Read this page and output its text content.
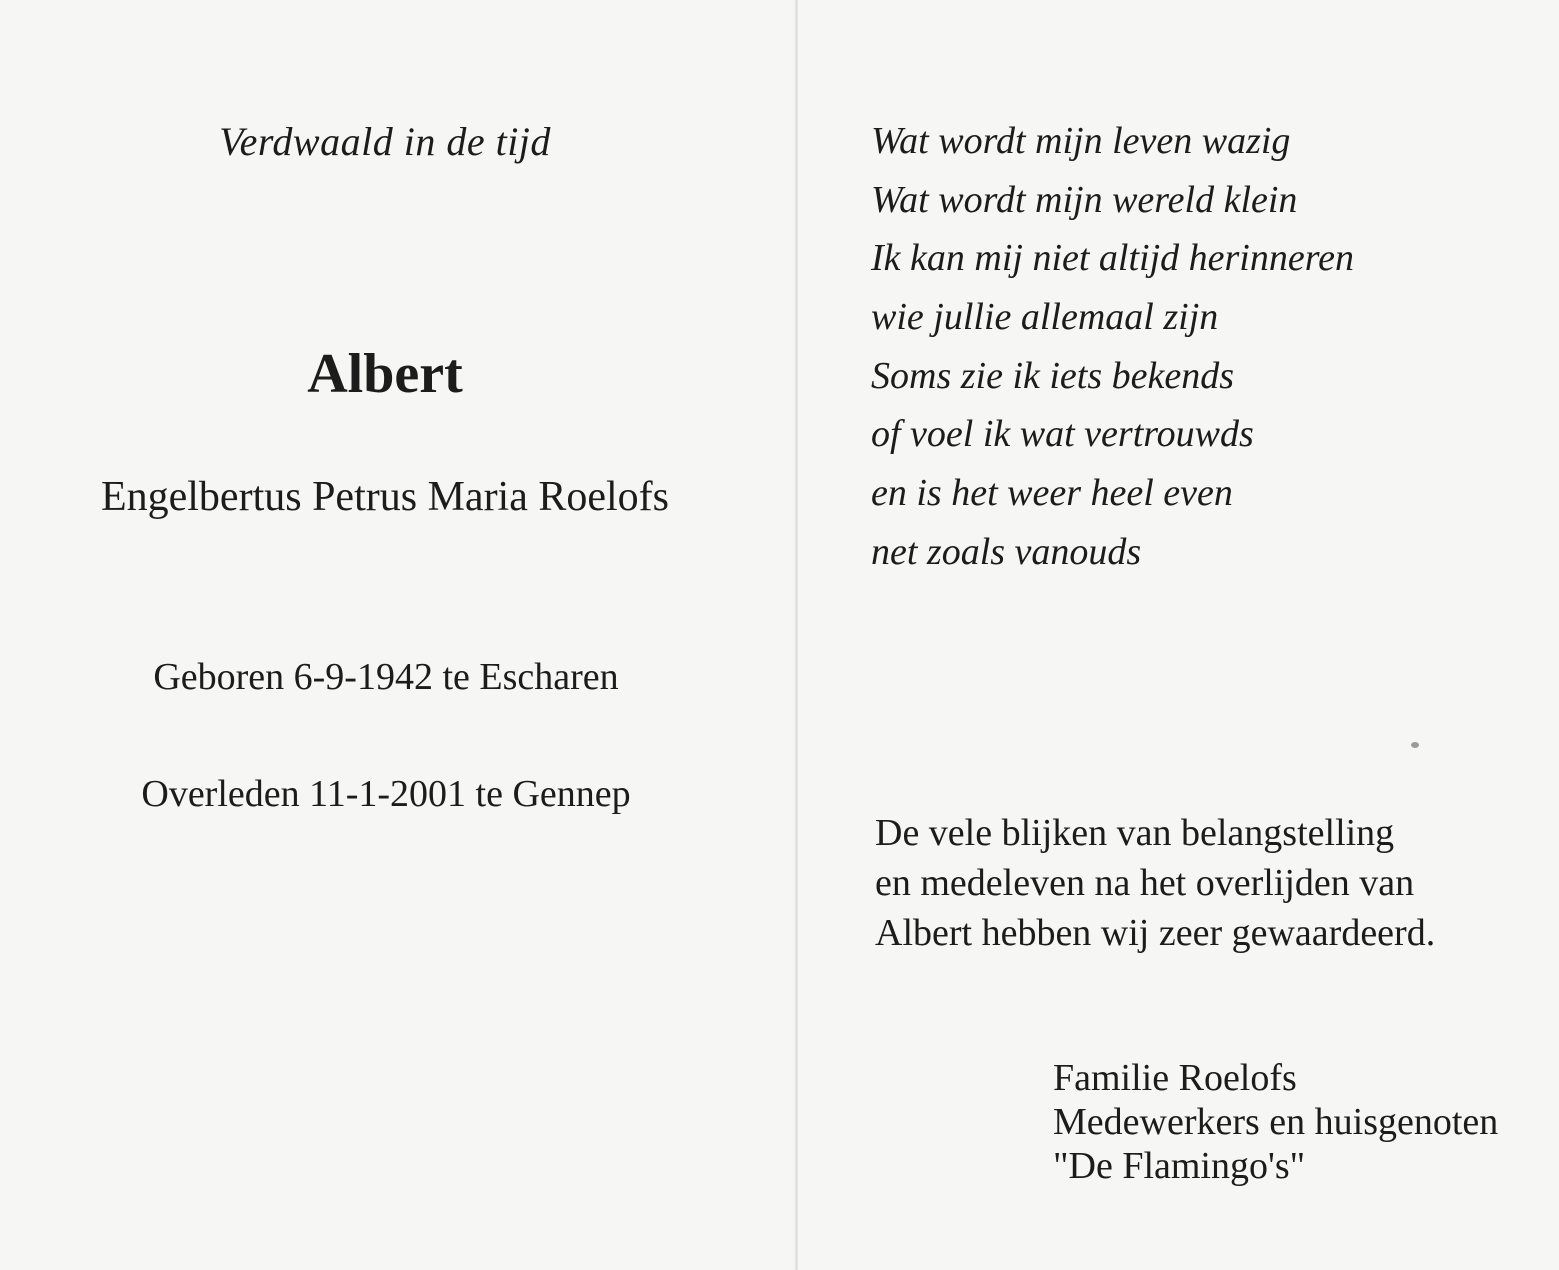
Verdwaald in de tijd
Albert
Engelbertus Petrus Maria Roelofs
Geboren 6-9-1942 te Escharen
Overleden 11-1-2001 te Gennep
Wat wordt mijn leven wazig
Wat wordt mijn wereld klein
Ik kan mij niet altijd herinneren
wie jullie allemaal zijn
Soms zie ik iets bekends
of voel ik wat vertrouwds
en is het weer heel even
net zoals vanouds
De vele blijken van belangstelling
en medeleven na het overlijden van
Albert hebben wij zeer gewaardeerd.
Familie Roelofs
Medewerkers en huisgenoten
"De Flamingo's"
